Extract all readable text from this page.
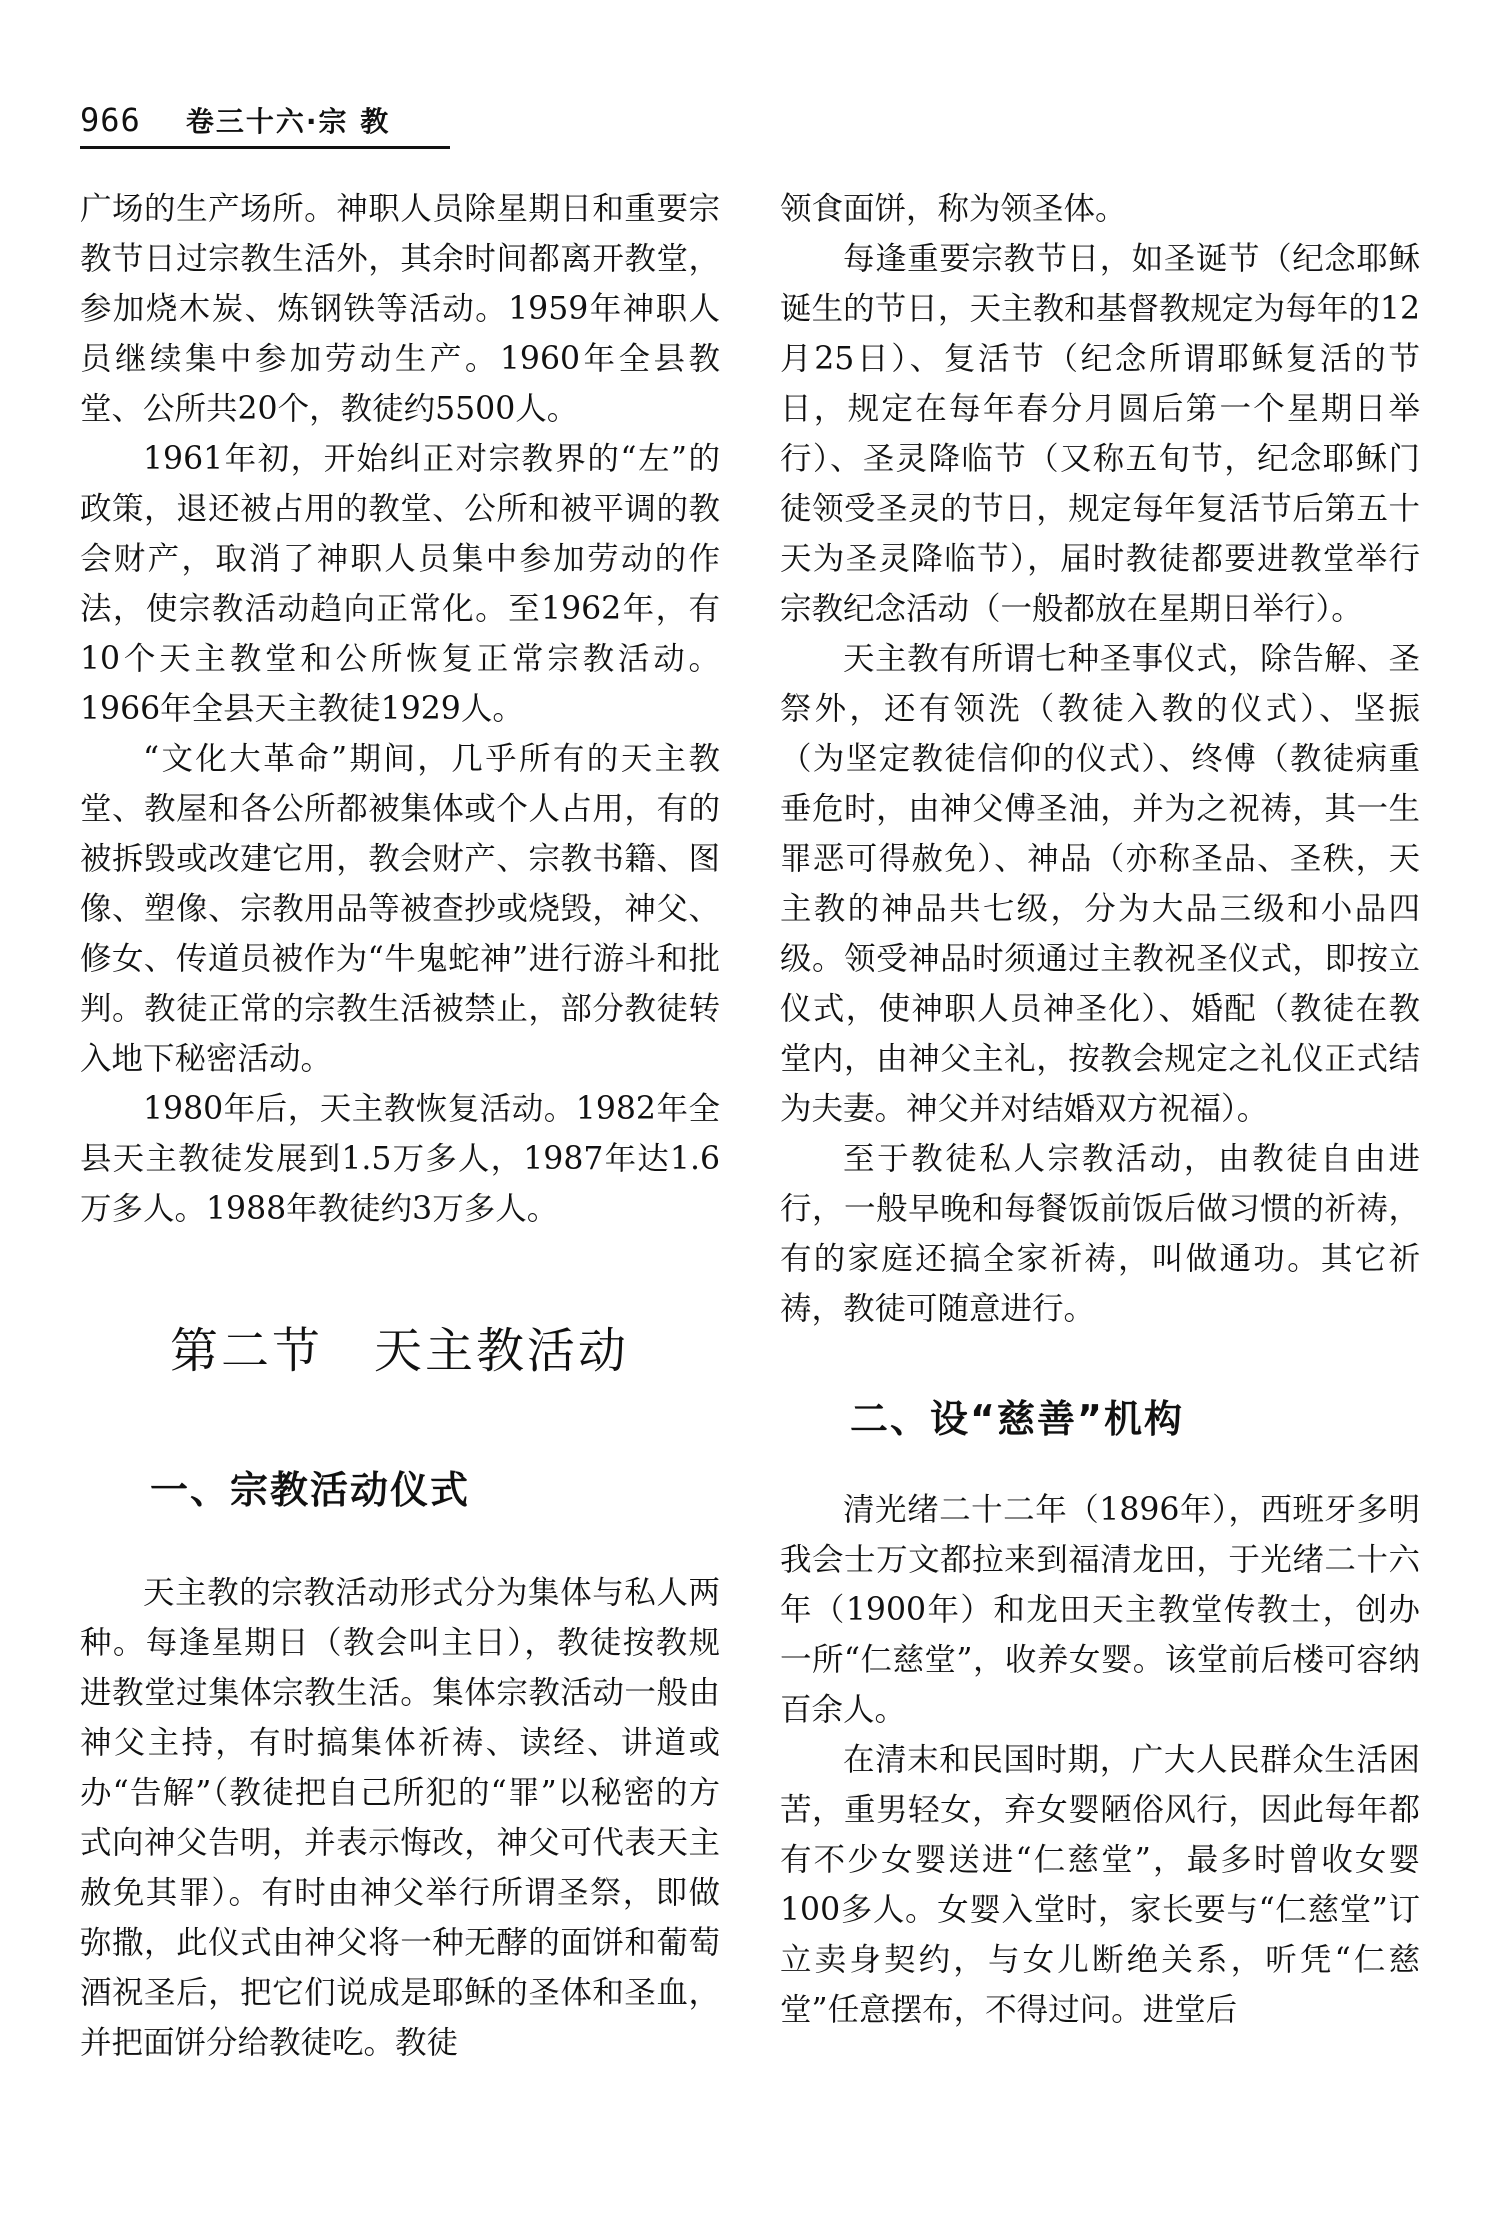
966 卷三十六·宗 教

广场的生产场所。神职人员除星期日和重要宗教节日过宗教生活外，其余时间都离开教堂，参加烧木炭、炼钢铁等活动。1959年神职人员继续集中参加劳动生产。1960年全县教堂、公所共20个，教徒约5500人。

1961年初，开始纠正对宗教界的“左”的政策，退还被占用的教堂、公所和被平调的教会财产，取消了神职人员集中参加劳动的作法，使宗教活动趋向正常化。至1962年，有10个天主教堂和公所恢复正常宗教活动。1966年全县天主教徒1929人。

“文化大革命”期间，几乎所有的天主教堂、教屋和各公所都被集体或个人占用，有的被拆毁或改建它用，教会财产、宗教书籍、图像、塑像、宗教用品等被查抄或烧毁，神父、修女、传道员被作为“牛鬼蛇神”进行游斗和批判。教徒正常的宗教生活被禁止，部分教徒转入地下秘密活动。

1980年后，天主教恢复活动。1982年全县天主教徒发展到1.5万多人，1987年达1.6万多人。1988年教徒约3万多人。

第二节　天主教活动
一、宗教活动仪式

天主教的宗教活动形式分为集体与私人两种。每逢星期日（教会叫主日），教徒按教规进教堂过集体宗教生活。集体宗教活动一般由神父主持，有时搞集体祈祷、读经、讲道或办“告解”（教徒把自己所犯的“罪”以秘密的方式向神父告明，并表示悔改，神父可代表天主赦免其罪）。有时由神父举行所谓圣祭，即做弥撒，此仪式由神父将一种无酵的面饼和葡萄酒祝圣后，把它们说成是耶稣的圣体和圣血，并把面饼分给教徒吃。教徒

领食面饼，称为领圣体。

每逢重要宗教节日，如圣诞节（纪念耶稣诞生的节日，天主教和基督教规定为每年的12月25日）、复活节（纪念所谓耶稣复活的节日，规定在每年春分月圆后第一个星期日举行）、圣灵降临节（又称五旬节，纪念耶稣门徒领受圣灵的节日，规定每年复活节后第五十天为圣灵降临节），届时教徒都要进教堂举行宗教纪念活动（一般都放在星期日举行）。

天主教有所谓七种圣事仪式，除告解、圣祭外，还有领洗（教徒入教的仪式）、坚振（为坚定教徒信仰的仪式）、终傅（教徒病重垂危时，由神父傅圣油，并为之祝祷，其一生罪恶可得赦免）、神品（亦称圣品、圣秩，天主教的神品共七级，分为大品三级和小品四级。领受神品时须通过主教祝圣仪式，即按立仪式，使神职人员神圣化）、婚配（教徒在教堂内，由神父主礼，按教会规定之礼仪正式结为夫妻。神父并对结婚双方祝福）。

至于教徒私人宗教活动，由教徒自由进行，一般早晚和每餐饭前饭后做习惯的祈祷，有的家庭还搞全家祈祷，叫做通功。其它祈祷，教徒可随意进行。

二、设“慈善”机构

清光绪二十二年（1896年），西班牙多明我会士万文都拉来到福清龙田，于光绪二十六年（1900年）和龙田天主教堂传教士，创办一所“仁慈堂”，收养女婴。该堂前后楼可容纳百余人。

在清末和民国时期，广大人民群众生活困苦，重男轻女，弃女婴陋俗风行，因此每年都有不少女婴送进“仁慈堂”，最多时曾收女婴100多人。女婴入堂时，家长要与“仁慈堂”订立卖身契约，与女儿断绝关系，听凭“仁慈堂”任意摆布，不得过问。进堂后
